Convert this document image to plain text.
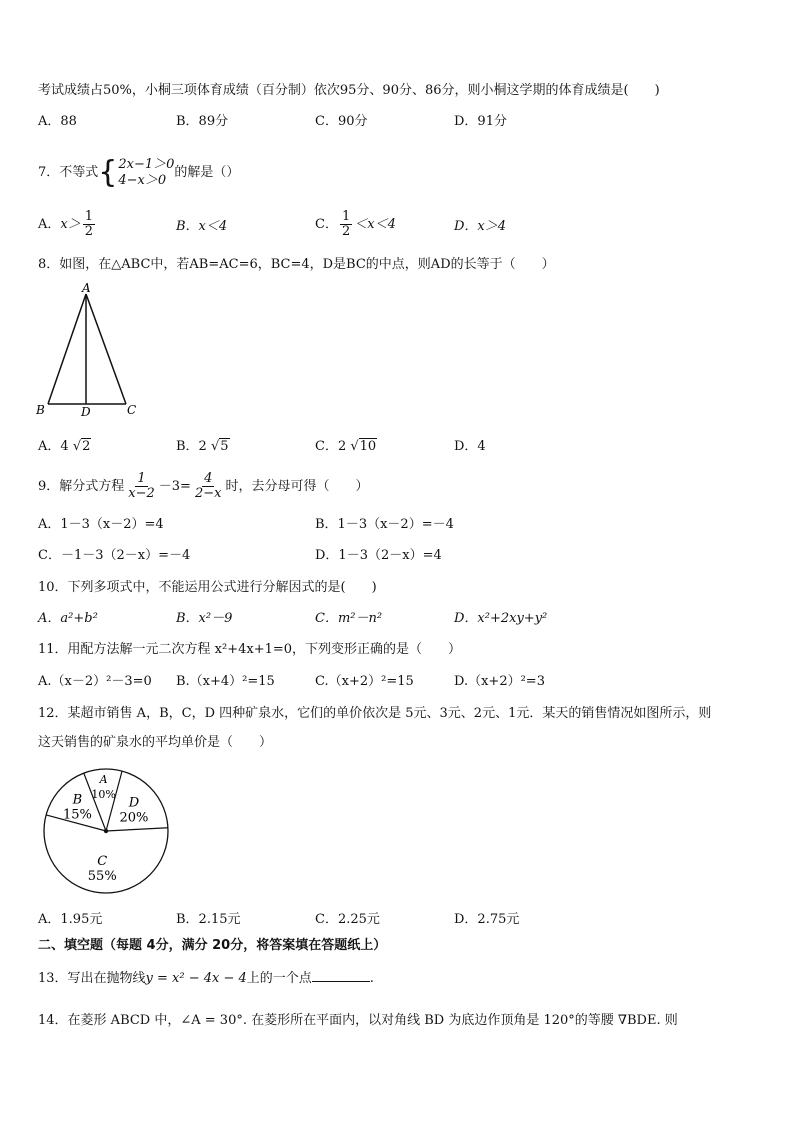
考试成绩占50%，小桐三项体育成绩（百分制）依次95分、90分、86分，则小桐这学期的体育成绩是(　　)
A．88	B．89分	C．90分	D．91分
7．不等式 { 2x−1＞0
4−x＞0 的解是（）
A．$x> \frac{1}{2}$	B．x＜4	C． $\frac{1}{2} <x<4$	D．x＞4
8．如图，在△ABC中，若AB=AC=6，BC=4，D是BC的中点，则AD的长等于（　　）
A
B	D	C
A．4 √2	B．2 √5	C．2 √10	D．4
9．解分式方程 $\frac{1}{x-2} -3= \frac{4}{2-x}$ 时，去分母可得（　　）
A．1－3（x－2）=4	B．1－3（x－2）=－4
C．－1－3（2－x）=－4	D．1－3（2－x）=4
10．下列多项式中，不能运用公式进行分解因式的是(　　)
A．a²+b²	B．x²－9	C．m²－n²	D．x²+2xy+y²
11．用配方法解一元二次方程 x²+4x+1=0，下列变形正确的是（　　）
A.（x－2）²－3=0 B.（x+4）²=15	C.（x+2）²=15	D.（x+2）²=3
12．某超市销售 A，B，C，D 四种矿泉水，它们的单价依次是 5元、3元、2元、1元．某天的销售情况如图所示，则
这天销售的矿泉水的平均单价是（　　）
B
15%
A
10%
D
20%
C
55%
A．1.95元	B．2.15元	C．2.25元	D．2.75元
二、填空题（每题 4分，满分 20分，将答案填在答题纸上）
13．写出在抛物线y = x² − 4x − 4上的一个点	.
14．在菱形 ABCD 中，∠A = 30°. 在菱形所在平面内，以对角线 BD 为底边作顶角是 120°的等腰 ∇BDE. 则
